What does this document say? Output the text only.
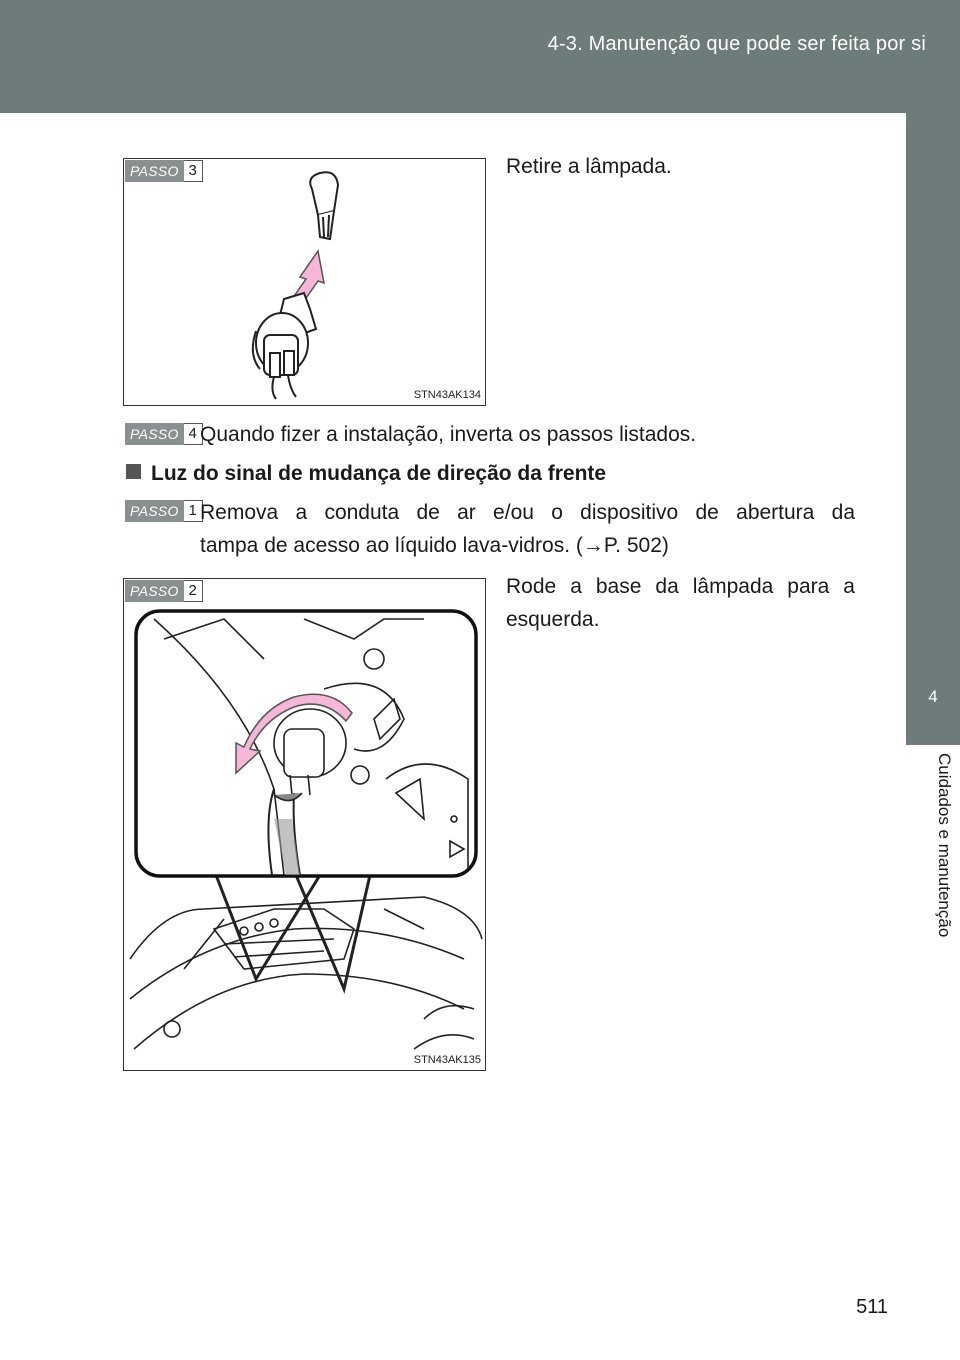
4-3. Manutenção que pode ser feita por si
4
Cuidados e manutenção
STN43AK134
PASSO 3	Retire a lâmpada.
PASSO 4 Quando fizer a instalação, inverta os passos listados.
Luz do sinal de mudança de direção da frente
PASSO 1 Remova a conduta de ar e/ou o dispositivo de abertura da
tampa de acesso ao líquido lava-vidros. (→P. 502)
STN43AK135
PASSO 2	Rode a base da lâmpada para a
esquerda.
511
